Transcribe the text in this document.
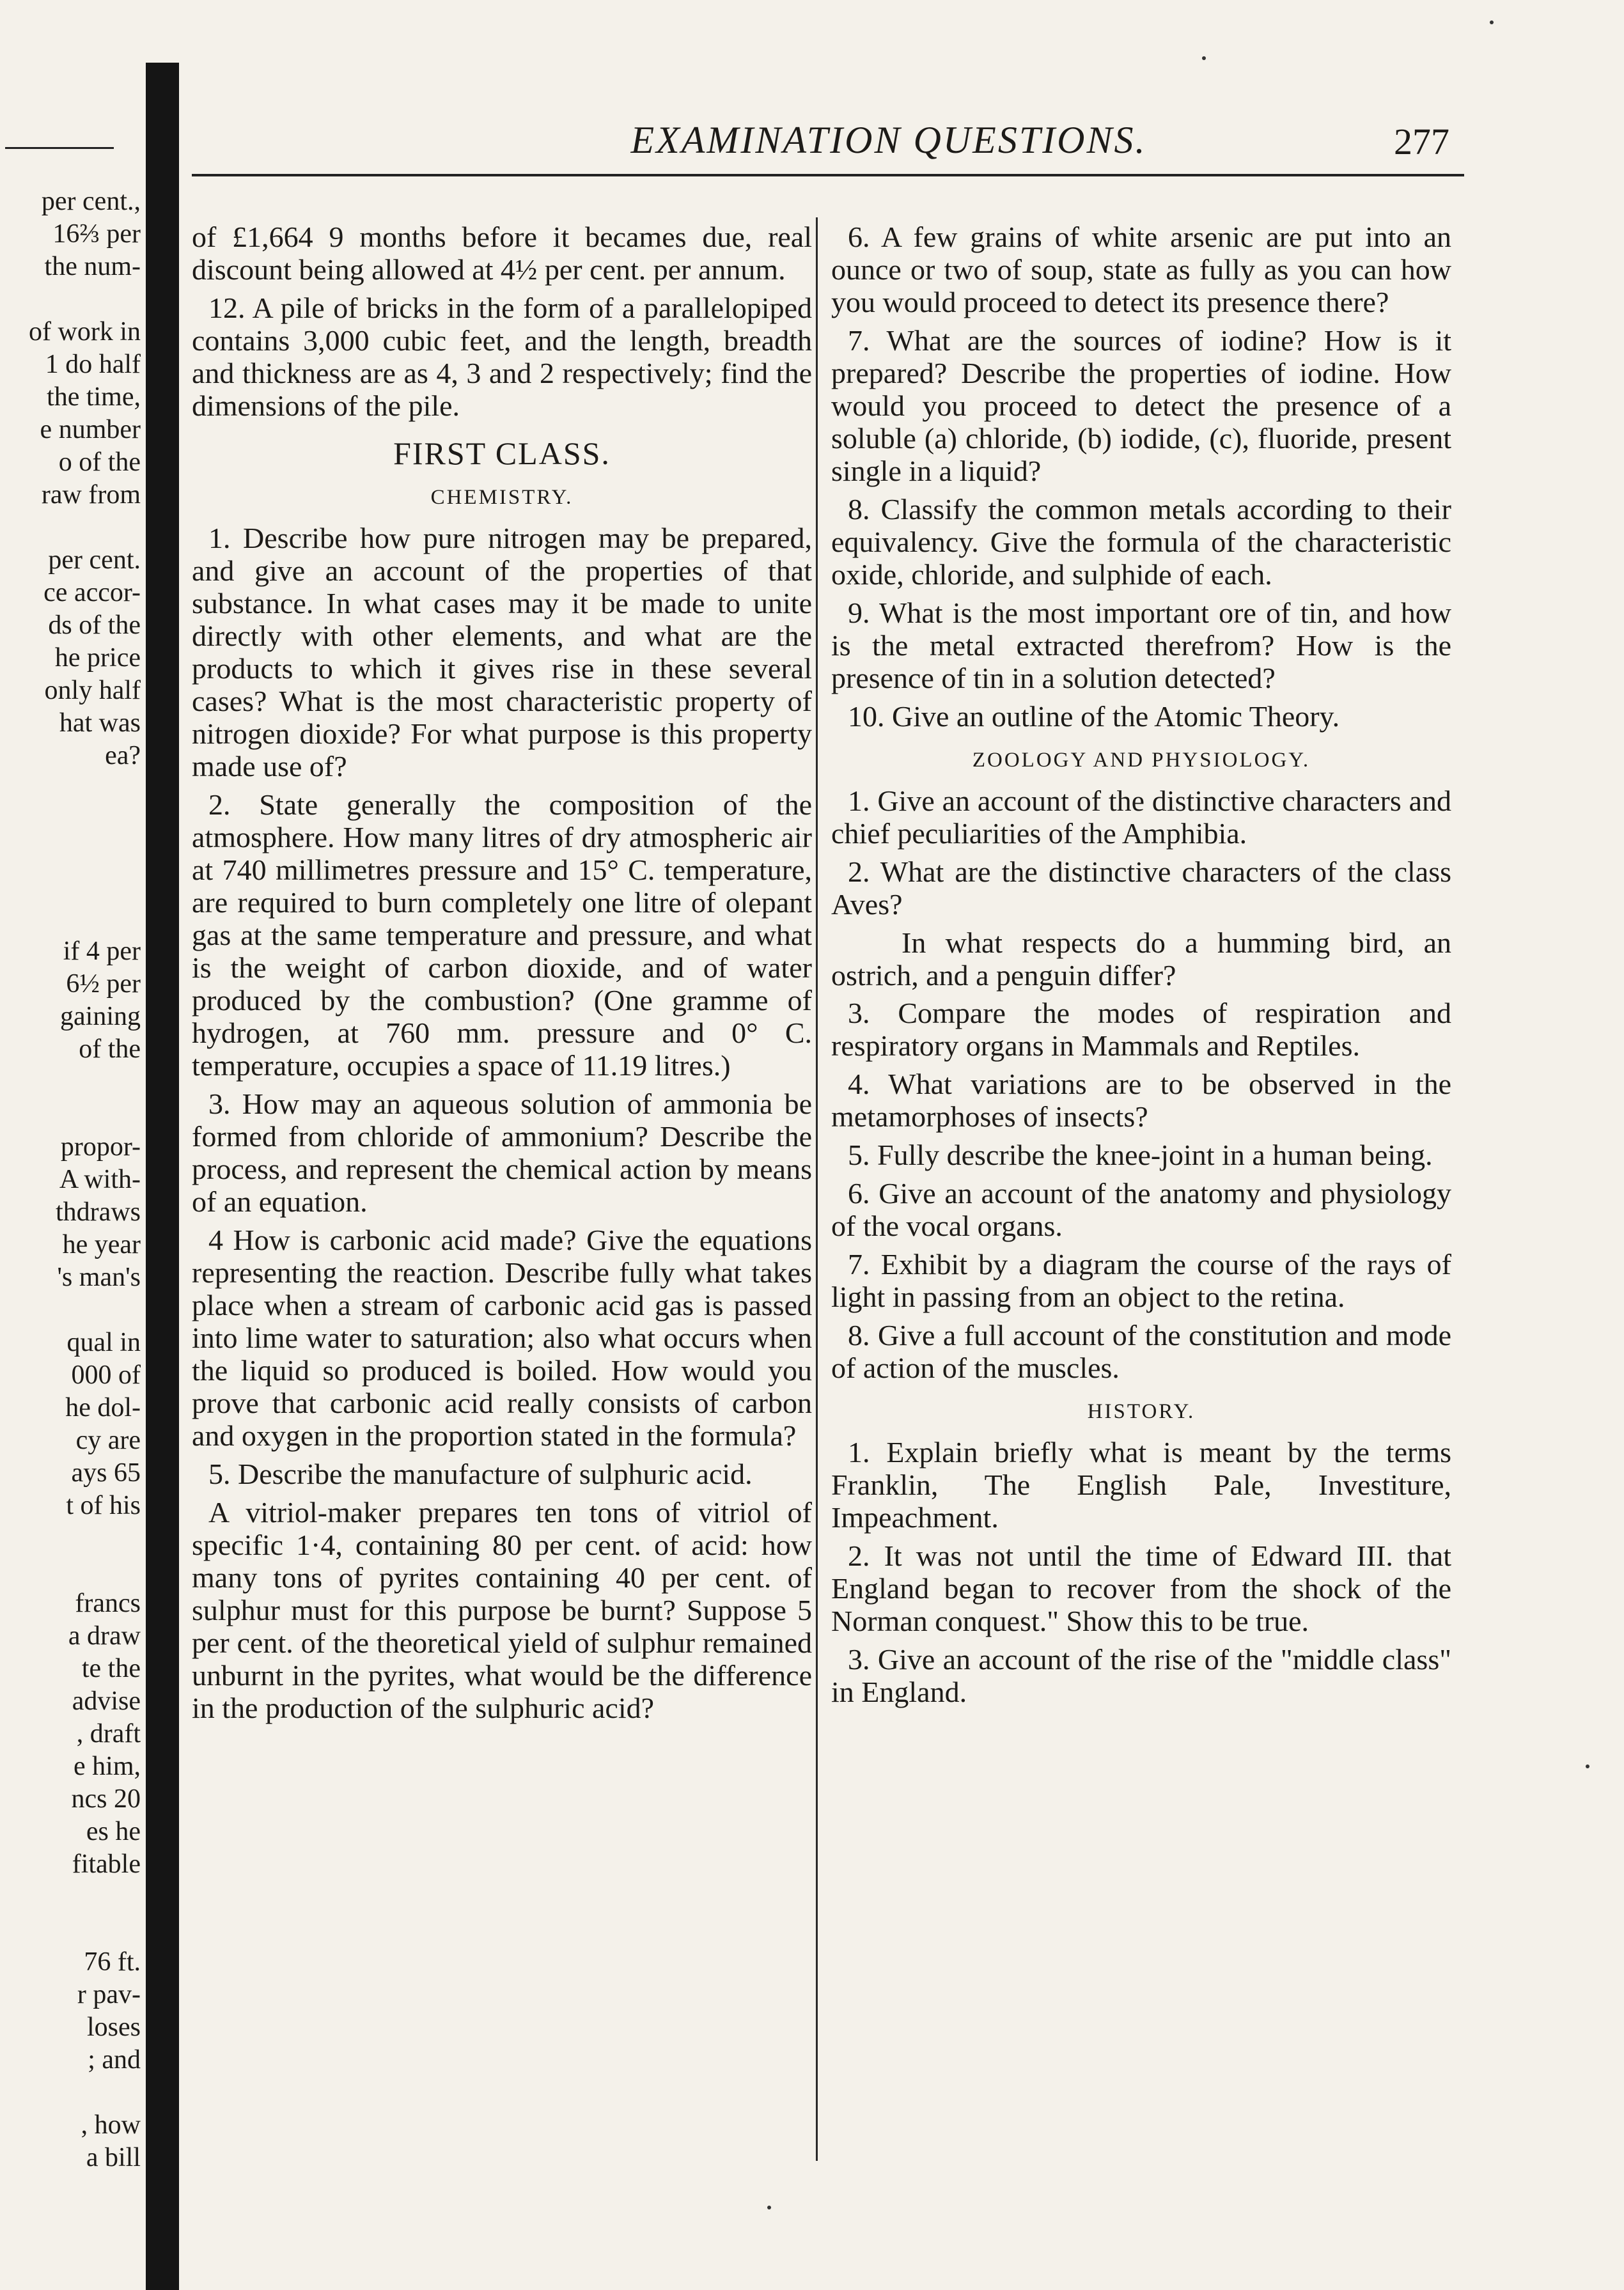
EXAMINATION QUESTIONS.	277
per cent.,
16⅔ per
the num-

of work in
1 do half
the time,
e number
o of the
raw from

per cent.
ce accor-
ds of the
he price
only half
hat was
ea?

if 4 per
6½ per
gaining
of the

propor-
A with-
thdraws
he year
's man's

qual in
000 of
he dol-
cy are
ays 65
t of his

francs
a draw
te the
advise
, draft
e him,
ncs 20
es he
fitable

76 ft.
r pav-
loses
; and

, how
a bill

of £1,664 9 months before it becames due, real discount being allowed at 4½ per cent. per annum.

12. A pile of bricks in the form of a parallelopiped contains 3,000 cubic feet, and the length, breadth and thickness are as 4, 3 and 2 respectively; find the dimensions of the pile.

FIRST CLASS.
CHEMISTRY.

1. Describe how pure nitrogen may be prepared, and give an account of the properties of that substance. In what cases may it be made to unite directly with other elements, and what are the products to which it gives rise in these several cases? What is the most characteristic property of nitrogen dioxide? For what purpose is this property made use of?

2. State generally the composition of the atmosphere. How many litres of dry atmospheric air at 740 millimetres pressure and 15° C. temperature, are required to burn completely one litre of olepant gas at the same temperature and pressure, and what is the weight of carbon dioxide, and of water produced by the combustion? (One gramme of hydrogen, at 760 mm. pressure and 0° C. temperature, occupies a space of 11.19 litres.)

3. How may an aqueous solution of ammonia be formed from chloride of ammonium? Describe the process, and represent the chemical action by means of an equation.

4 How is carbonic acid made? Give the equations representing the reaction. Describe fully what takes place when a stream of carbonic acid gas is passed into lime water to saturation; also what occurs when the liquid so produced is boiled. How would you prove that carbonic acid really consists of carbon and oxygen in the proportion stated in the formula?

5. Describe the manufacture of sulphuric acid.

A vitriol-maker prepares ten tons of vitriol of specific 1·4, containing 80 per cent. of acid: how many tons of pyrites containing 40 per cent. of sulphur must for this purpose be burnt? Suppose 5 per cent. of the theoretical yield of sulphur remained unburnt in the pyrites, what would be the difference in the production of the sulphuric acid?

6. A few grains of white arsenic are put into an ounce or two of soup, state as fully as you can how you would proceed to detect its presence there?

7. What are the sources of iodine? How is it prepared? Describe the properties of iodine. How would you proceed to detect the presence of a soluble (a) chloride, (b) iodide, (c), fluoride, present single in a liquid?

8. Classify the common metals according to their equivalency. Give the formula of the characteristic oxide, chloride, and sulphide of each.

9. What is the most important ore of tin, and how is the metal extracted therefrom? How is the presence of tin in a solution detected?

10. Give an outline of the Atomic Theory.

ZOOLOGY AND PHYSIOLOGY.

1. Give an account of the distinctive characters and chief peculiarities of the Amphibia.

2. What are the distinctive characters of the class Aves?

In what respects do a humming bird, an ostrich, and a penguin differ?

3. Compare the modes of respiration and respiratory organs in Mammals and Reptiles.

4. What variations are to be observed in the metamorphoses of insects?

5. Fully describe the knee-joint in a human being.

6. Give an account of the anatomy and physiology of the vocal organs.

7. Exhibit by a diagram the course of the rays of light in passing from an object to the retina.

8. Give a full account of the constitution and mode of action of the muscles.

HISTORY.

1. Explain briefly what is meant by the terms Franklin, The English Pale, Investiture, Impeachment.

2. It was not until the time of Edward III. that England began to recover from the shock of the Norman conquest." Show this to be true.

3. Give an account of the rise of the "middle class" in England.
